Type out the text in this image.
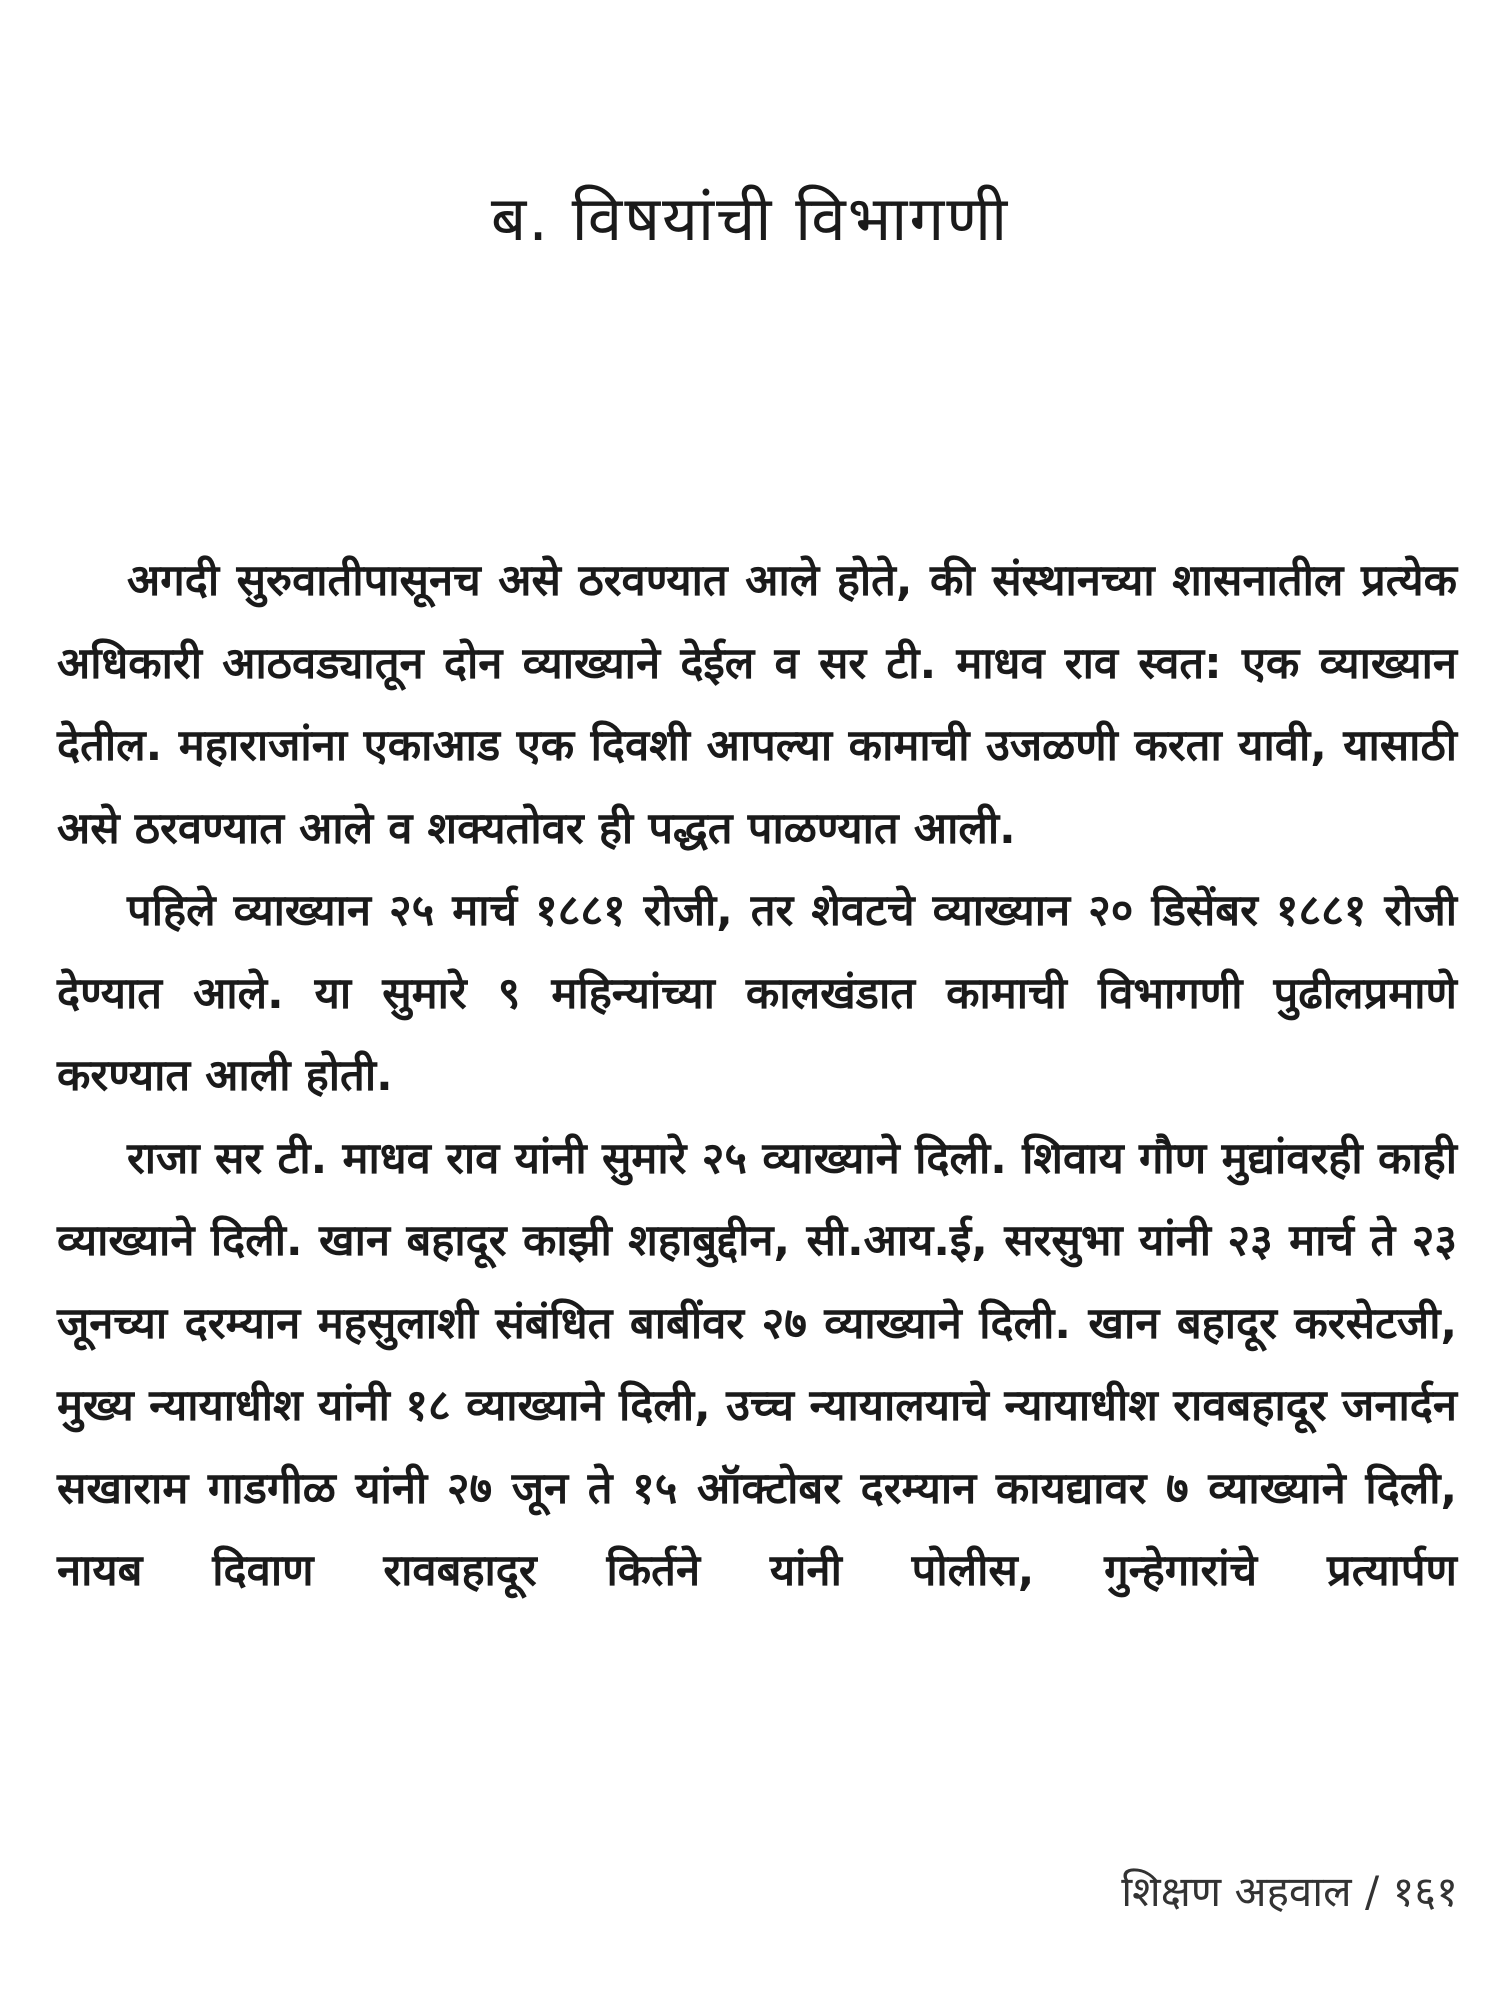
ब. विषयांची विभागणी

अगदी सुरुवातीपासूनच असे ठरवण्यात आले होते, की संस्थानच्या शासनातील प्रत्येक अधिकारी आठवड्यातून दोन व्याख्याने देईल व सर टी. माधव राव स्वत: एक व्याख्यान देतील. महाराजांना एकाआड एक दिवशी आपल्या कामाची उजळणी करता यावी, यासाठी असे ठरवण्यात आले व शक्यतोवर ही पद्धत पाळण्यात आली.

पहिले व्याख्यान २५ मार्च १८८१ रोजी, तर शेवटचे व्याख्यान २० डिसेंबर १८८१ रोजी देण्यात आले. या सुमारे ९ महिन्यांच्या कालखंडात कामाची विभागणी पुढीलप्रमाणे करण्यात आली होती.

राजा सर टी. माधव राव यांनी सुमारे २५ व्याख्याने दिली. शिवाय गौण मुद्यांवरही काही व्याख्याने दिली. खान बहादूर काझी शहाबुद्दीन, सी.आय.ई, सरसुभा यांनी २३ मार्च ते २३ जूनच्या दरम्यान महसुलाशी संबंधित बाबींवर २७ व्याख्याने दिली. खान बहादूर करसेटजी, मुख्य न्यायाधीश यांनी १८ व्याख्याने दिली, उच्च न्यायालयाचे न्यायाधीश रावबहादूर जनार्दन सखाराम गाडगीळ यांनी २७ जून ते १५ ऑक्टोबर दरम्यान कायद्यावर ७ व्याख्याने दिली, नायब दिवाण रावबहादूर किर्तने यांनी पोलीस, गुन्हेगारांचे प्रत्यार्पण

शिक्षण अहवाल / १६१
